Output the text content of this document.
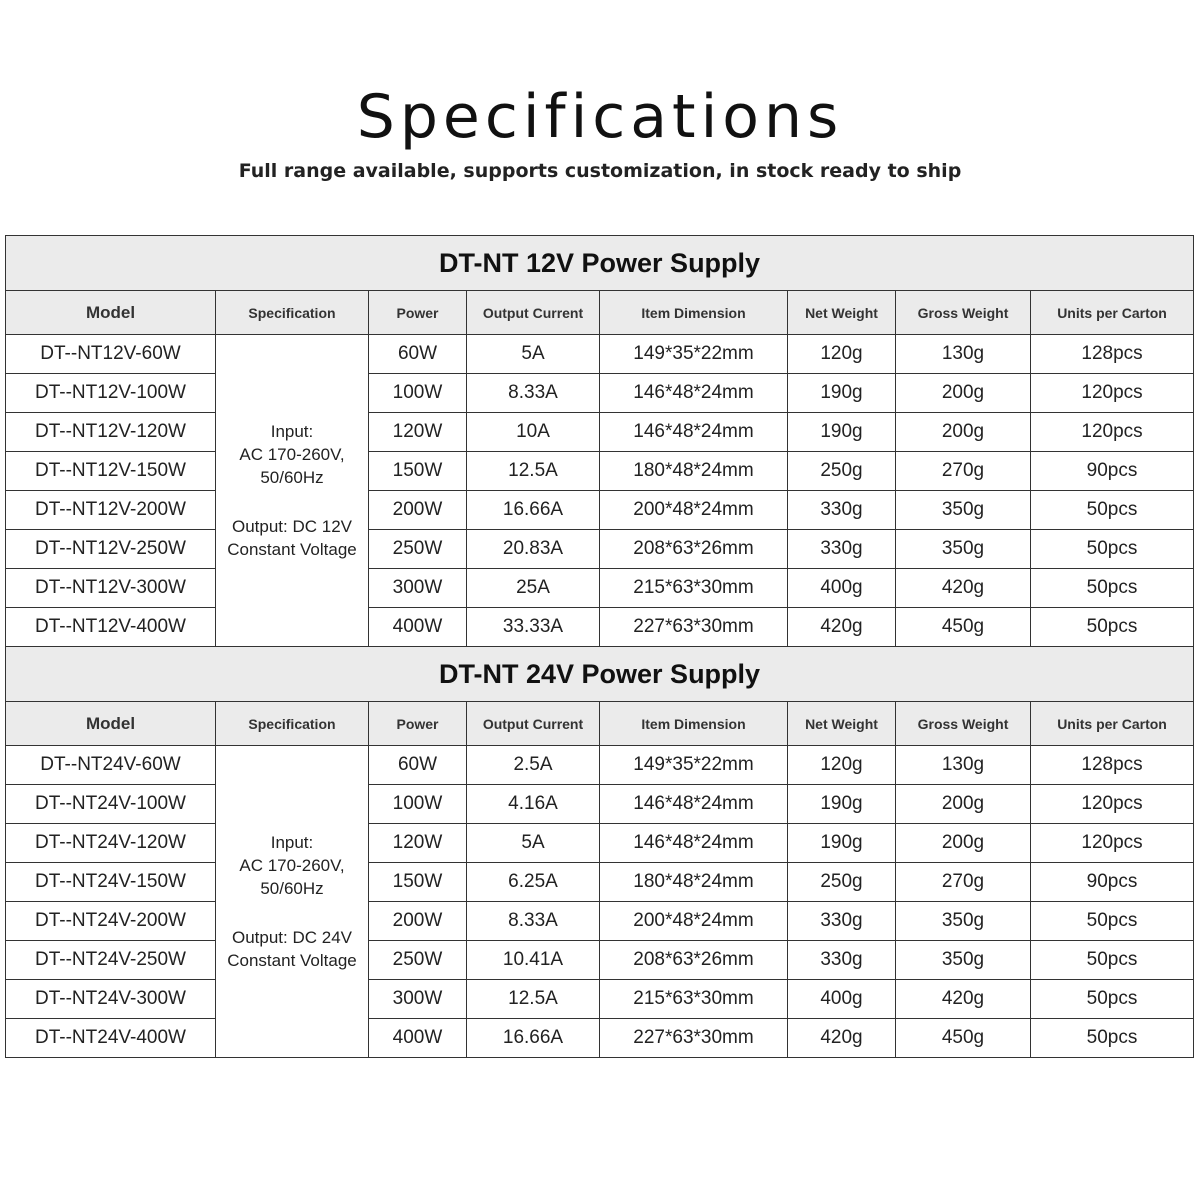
Specifications
Full range available, supports customization, in stock ready to ship
DT-NT 12V Power Supply							
Model	Specification	Power	Output Current	Item Dimension	Net Weight	Gross Weight	Units per Carton
DT--NT12V-60W	Input:
AC 170-260V,
50/60Hz
Output: DC 12V
Constant Voltage	60W	5A	149*35*22mm	120g	130g	128pcs
DT--NT12V-100W		100W	8.33A	146*48*24mm	190g	200g	120pcs
DT--NT12V-120W		120W	10A	146*48*24mm	190g	200g	120pcs
DT--NT12V-150W		150W	12.5A	180*48*24mm	250g	270g	90pcs
DT--NT12V-200W		200W	16.66A	200*48*24mm	330g	350g	50pcs
DT--NT12V-250W		250W	20.83A	208*63*26mm	330g	350g	50pcs
DT--NT12V-300W		300W	25A	215*63*30mm	400g	420g	50pcs
DT--NT12V-400W		400W	33.33A	227*63*30mm	420g	450g	50pcs
DT-NT 24V Power Supply							
Model	Specification	Power	Output Current	Item Dimension	Net Weight	Gross Weight	Units per Carton
DT--NT24V-60W	Input:
AC 170-260V,
50/60Hz
Output: DC 24V
Constant Voltage	60W	2.5A	149*35*22mm	120g	130g	128pcs
DT--NT24V-100W		100W	4.16A	146*48*24mm	190g	200g	120pcs
DT--NT24V-120W		120W	5A	146*48*24mm	190g	200g	120pcs
DT--NT24V-150W		150W	6.25A	180*48*24mm	250g	270g	90pcs
DT--NT24V-200W		200W	8.33A	200*48*24mm	330g	350g	50pcs
DT--NT24V-250W		250W	10.41A	208*63*26mm	330g	350g	50pcs
DT--NT24V-300W		300W	12.5A	215*63*30mm	400g	420g	50pcs
DT--NT24V-400W		400W	16.66A	227*63*30mm	420g	450g	50pcs
